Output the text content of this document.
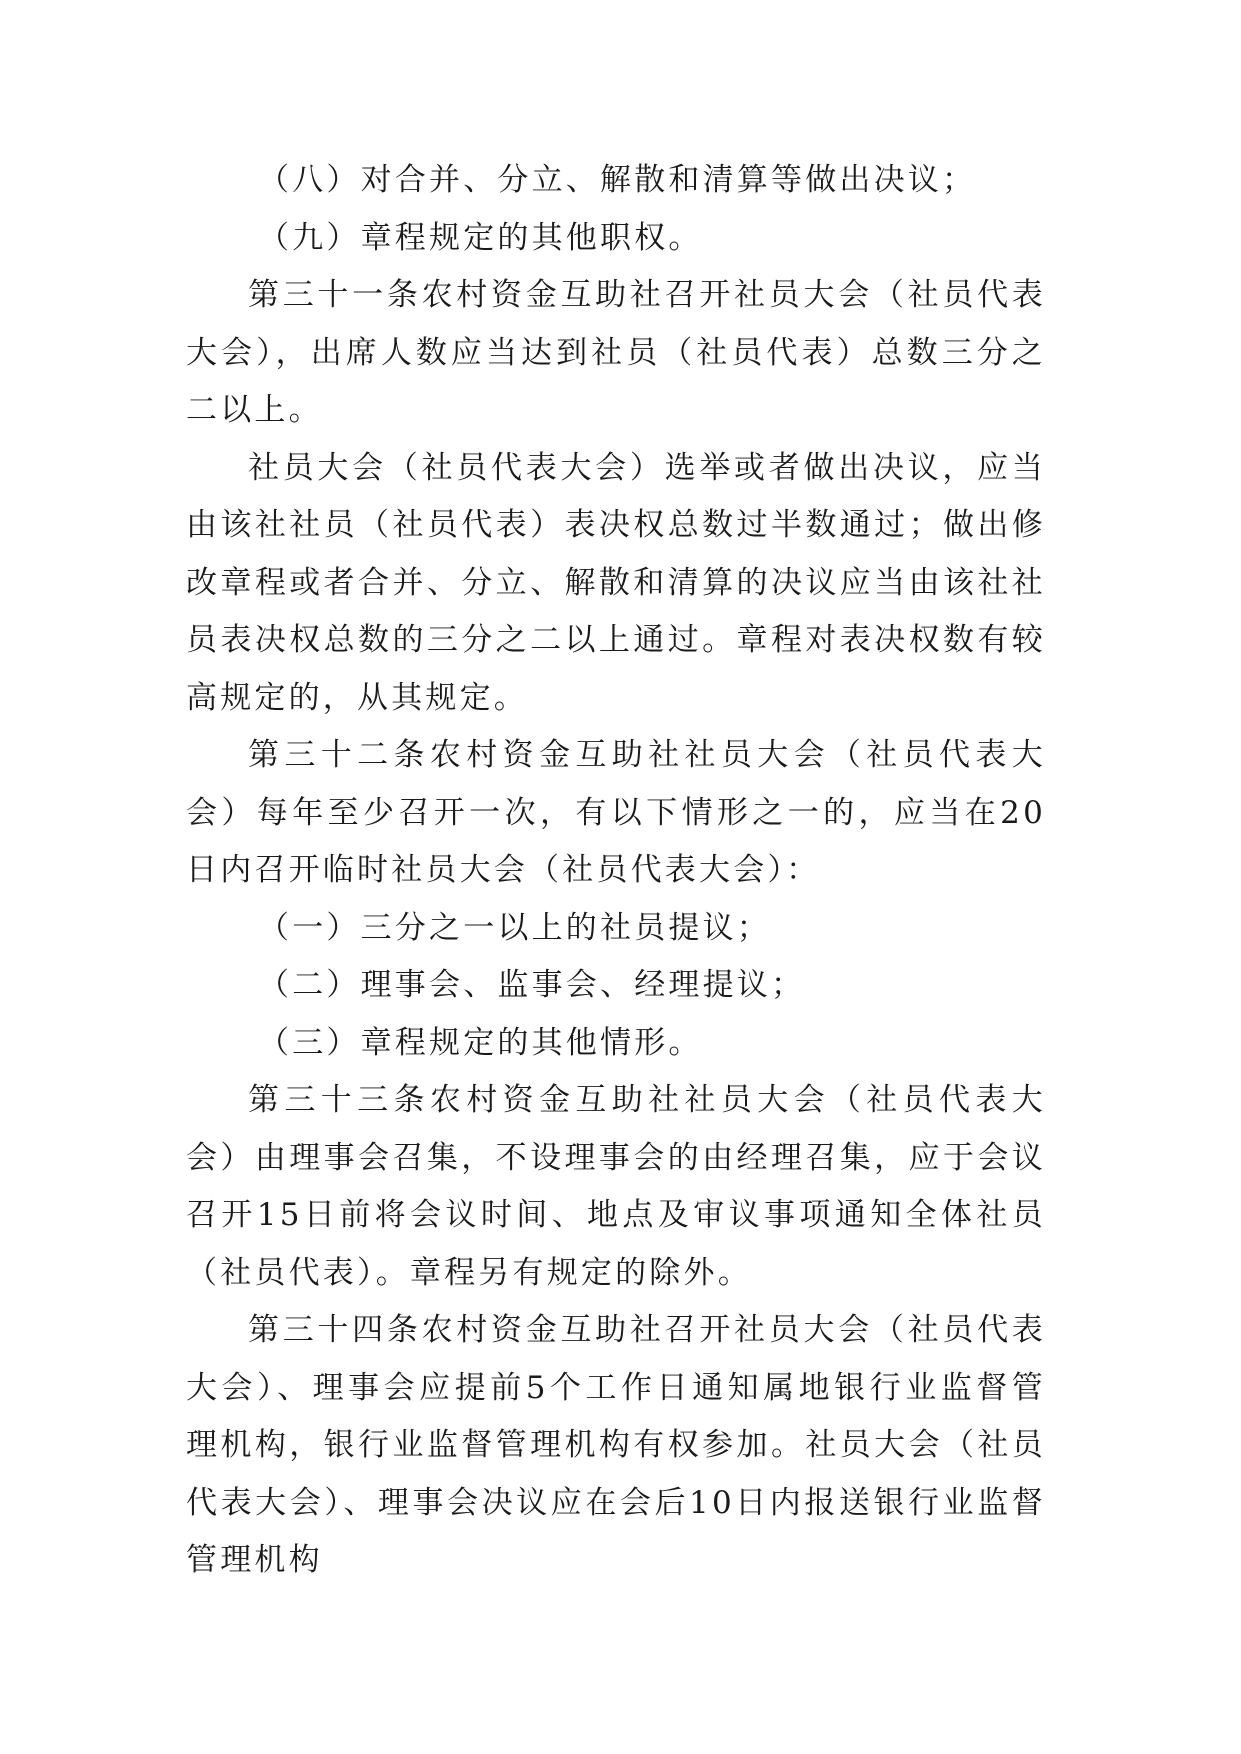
（八）对合并、分立、解散和清算等做出决议；

（九）章程规定的其他职权。

第三十一条农村资金互助社召开社员大会（社员代表大会），出席人数应当达到社员（社员代表）总数三分之二以上。

社员大会（社员代表大会）选举或者做出决议，应当由该社社员（社员代表）表决权总数过半数通过；做出修改章程或者合并、分立、解散和清算的决议应当由该社社员表决权总数的三分之二以上通过。章程对表决权数有较高规定的，从其规定。

第三十二条农村资金互助社社员大会（社员代表大会）每年至少召开一次，有以下情形之一的，应当在20日内召开临时社员大会（社员代表大会）：

（一）三分之一以上的社员提议；

（二）理事会、监事会、经理提议；

（三）章程规定的其他情形。

第三十三条农村资金互助社社员大会（社员代表大会）由理事会召集，不设理事会的由经理召集，应于会议召开15日前将会议时间、地点及审议事项通知全体社员（社员代表）。章程另有规定的除外。

第三十四条农村资金互助社召开社员大会（社员代表大会）、理事会应提前5个工作日通知属地银行业监督管理机构，银行业监督管理机构有权参加。社员大会（社员代表大会）、理事会决议应在会后10日内报送银行业监督管理机构
